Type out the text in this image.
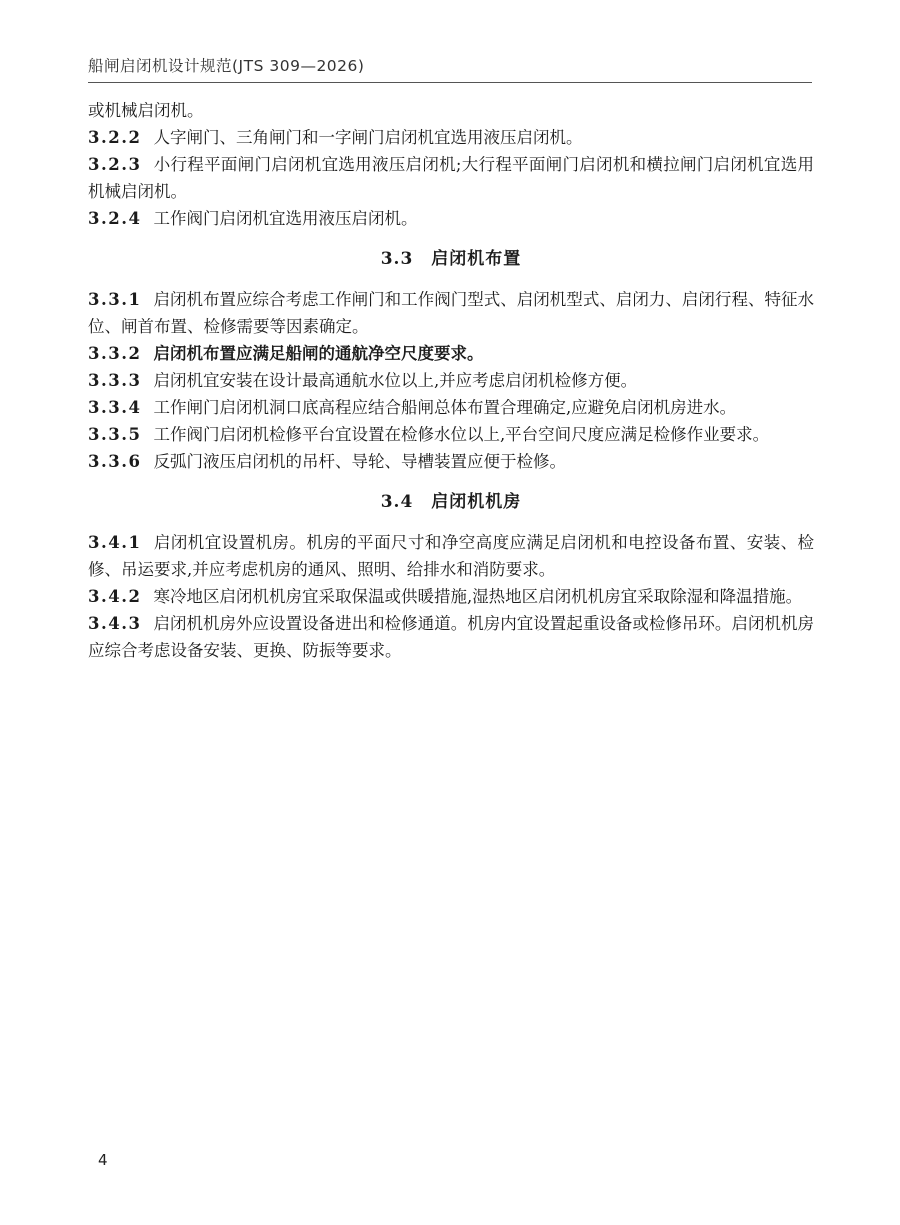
船闸启闭机设计规范(JTS 309—2026)

或机械启闭机。

3.2.2 人字闸门、三角闸门和一字闸门启闭机宜选用液压启闭机。

3.2.3 小行程平面闸门启闭机宜选用液压启闭机;大行程平面闸门启闭机和横拉闸门启闭机宜选用机械启闭机。

3.2.4 工作阀门启闭机宜选用液压启闭机。

3.3 启闭机布置

3.3.1 启闭机布置应综合考虑工作闸门和工作阀门型式、启闭机型式、启闭力、启闭行程、特征水位、闸首布置、检修需要等因素确定。

3.3.2 启闭机布置应满足船闸的通航净空尺度要求。

3.3.3 启闭机宜安装在设计最高通航水位以上,并应考虑启闭机检修方便。

3.3.4 工作闸门启闭机洞口底高程应结合船闸总体布置合理确定,应避免启闭机房进水。

3.3.5 工作阀门启闭机检修平台宜设置在检修水位以上,平台空间尺度应满足检修作业要求。

3.3.6 反弧门液压启闭机的吊杆、导轮、导槽装置应便于检修。

3.4 启闭机机房

3.4.1 启闭机宜设置机房。机房的平面尺寸和净空高度应满足启闭机和电控设备布置、安装、检修、吊运要求,并应考虑机房的通风、照明、给排水和消防要求。

3.4.2 寒冷地区启闭机机房宜采取保温或供暖措施,湿热地区启闭机机房宜采取除湿和降温措施。

3.4.3 启闭机机房外应设置设备进出和检修通道。机房内宜设置起重设备或检修吊环。启闭机机房应综合考虑设备安装、更换、防振等要求。

4
